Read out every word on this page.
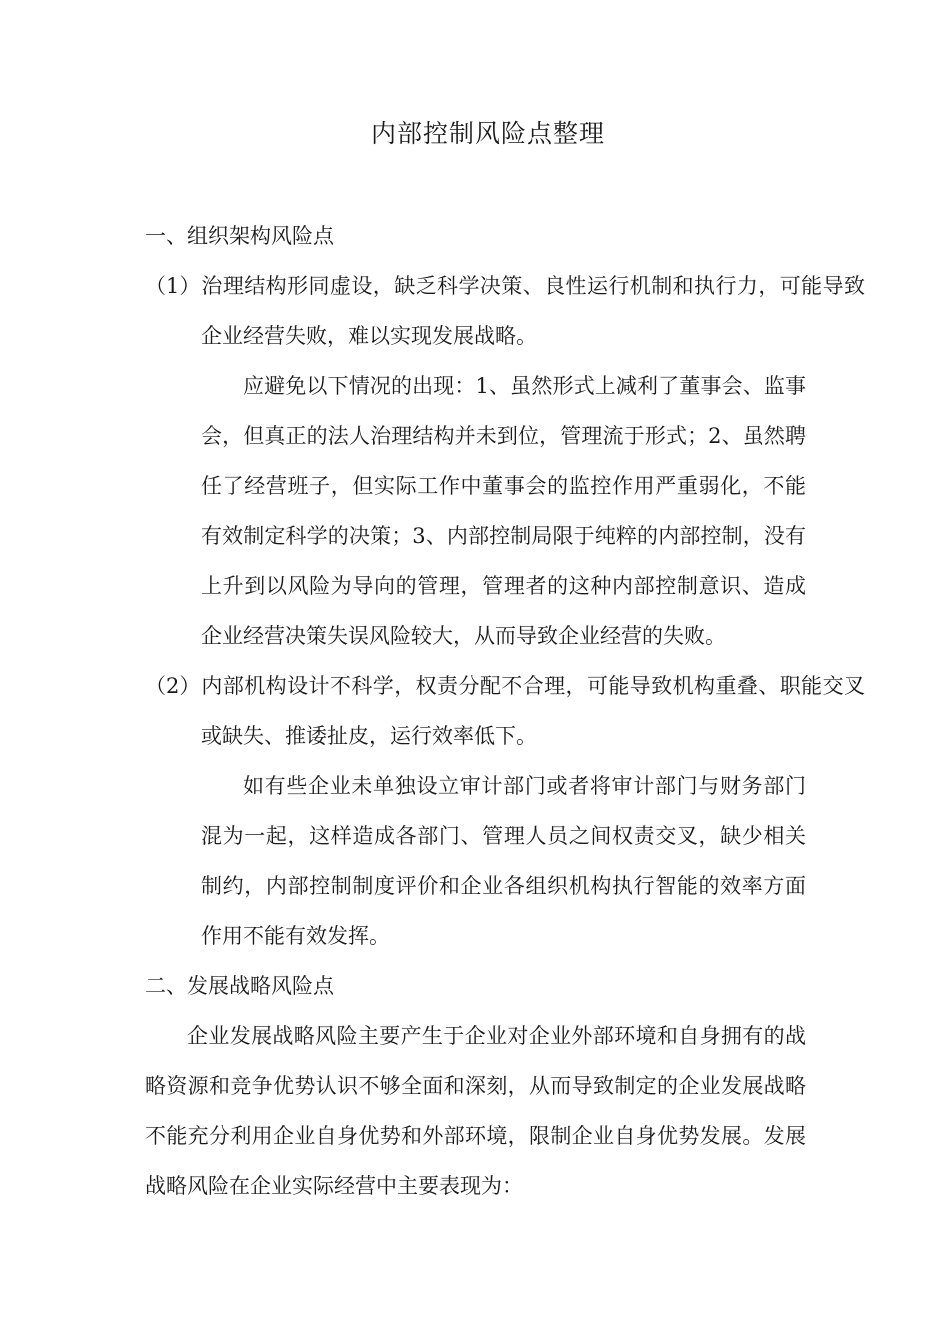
内部控制风险点整理

一、组织架构风险点

（1）治理结构形同虚设，缺乏科学决策、良性运行机制和执行力，可能导致企业经营失败，难以实现发展战略。

应避免以下情况的出现：1、虽然形式上减利了董事会、监事会，但真正的法人治理结构并未到位，管理流于形式；2、虽然聘任了经营班子，但实际工作中董事会的监控作用严重弱化，不能有效制定科学的决策；3、内部控制局限于纯粹的内部控制，没有上升到以风险为导向的管理，管理者的这种内部控制意识、造成企业经营决策失误风险较大，从而导致企业经营的失败。

（2）内部机构设计不科学，权责分配不合理，可能导致机构重叠、职能交叉或缺失、推诿扯皮，运行效率低下。

如有些企业未单独设立审计部门或者将审计部门与财务部门混为一起，这样造成各部门、管理人员之间权责交叉，缺少相关制约，内部控制制度评价和企业各组织机构执行智能的效率方面作用不能有效发挥。

二、发展战略风险点

企业发展战略风险主要产生于企业对企业外部环境和自身拥有的战略资源和竞争优势认识不够全面和深刻，从而导致制定的企业发展战略不能充分利用企业自身优势和外部环境，限制企业自身优势发展。发展战略风险在企业实际经营中主要表现为：
